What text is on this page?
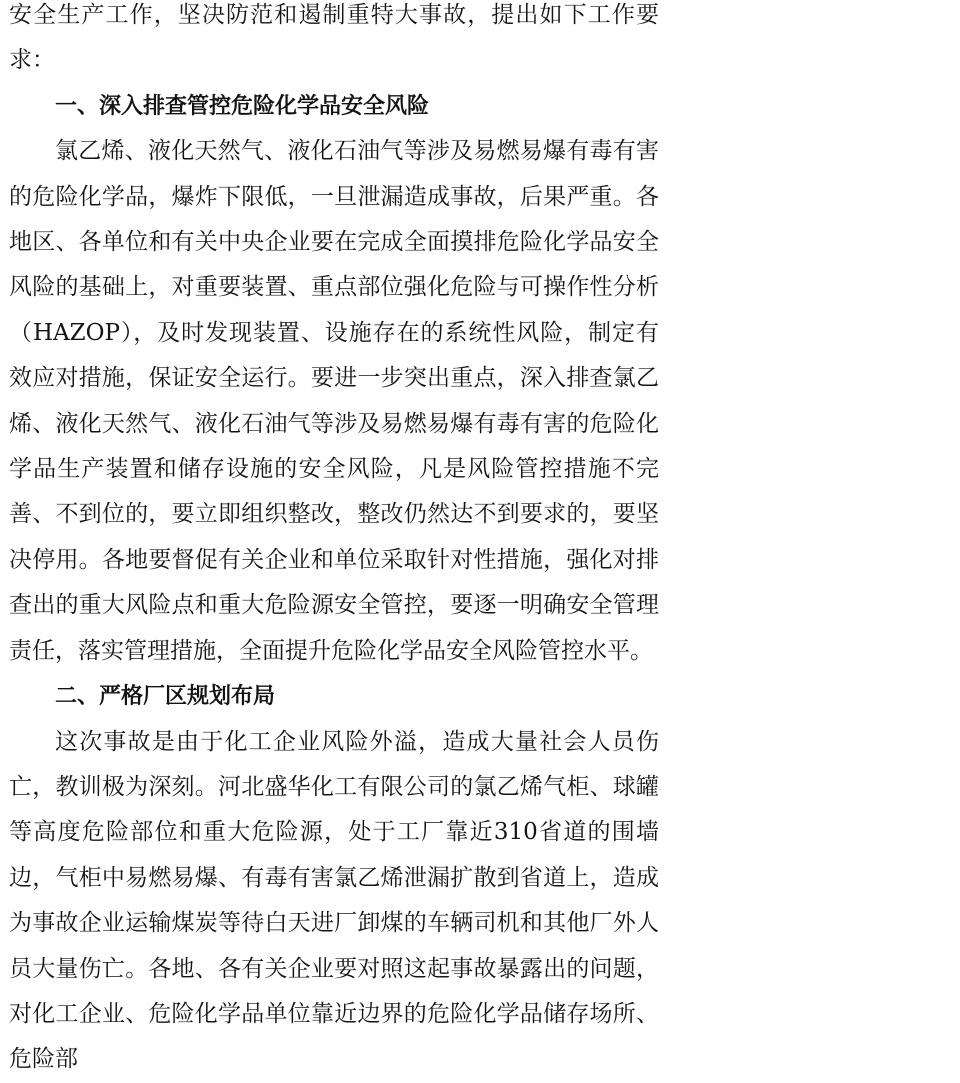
安全生产工作，坚决防范和遏制重特大事故，提出如下工作要求：

一、深入排查管控危险化学品安全风险

氯乙烯、液化天然气、液化石油气等涉及易燃易爆有毒有害的危险化学品，爆炸下限低，一旦泄漏造成事故，后果严重。各地区、各单位和有关中央企业要在完成全面摸排危险化学品安全风险的基础上，对重要装置、重点部位强化危险与可操作性分析（HAZOP），及时发现装置、设施存在的系统性风险，制定有效应对措施，保证安全运行。要进一步突出重点，深入排查氯乙烯、液化天然气、液化石油气等涉及易燃易爆有毒有害的危险化学品生产装置和储存设施的安全风险，凡是风险管控措施不完善、不到位的，要立即组织整改，整改仍然达不到要求的，要坚决停用。各地要督促有关企业和单位采取针对性措施，强化对排查出的重大风险点和重大危险源安全管控，要逐一明确安全管理责任，落实管理措施，全面提升危险化学品安全风险管控水平。

二、严格厂区规划布局

这次事故是由于化工企业风险外溢，造成大量社会人员伤亡，教训极为深刻。河北盛华化工有限公司的氯乙烯气柜、球罐等高度危险部位和重大危险源，处于工厂靠近310省道的围墙边，气柜中易燃易爆、有毒有害氯乙烯泄漏扩散到省道上，造成为事故企业运输煤炭等待白天进厂卸煤的车辆司机和其他厂外人员大量伤亡。各地、各有关企业要对照这起事故暴露出的问题，对化工企业、危险化学品单位靠近边界的危险化学品储存场所、危险部
